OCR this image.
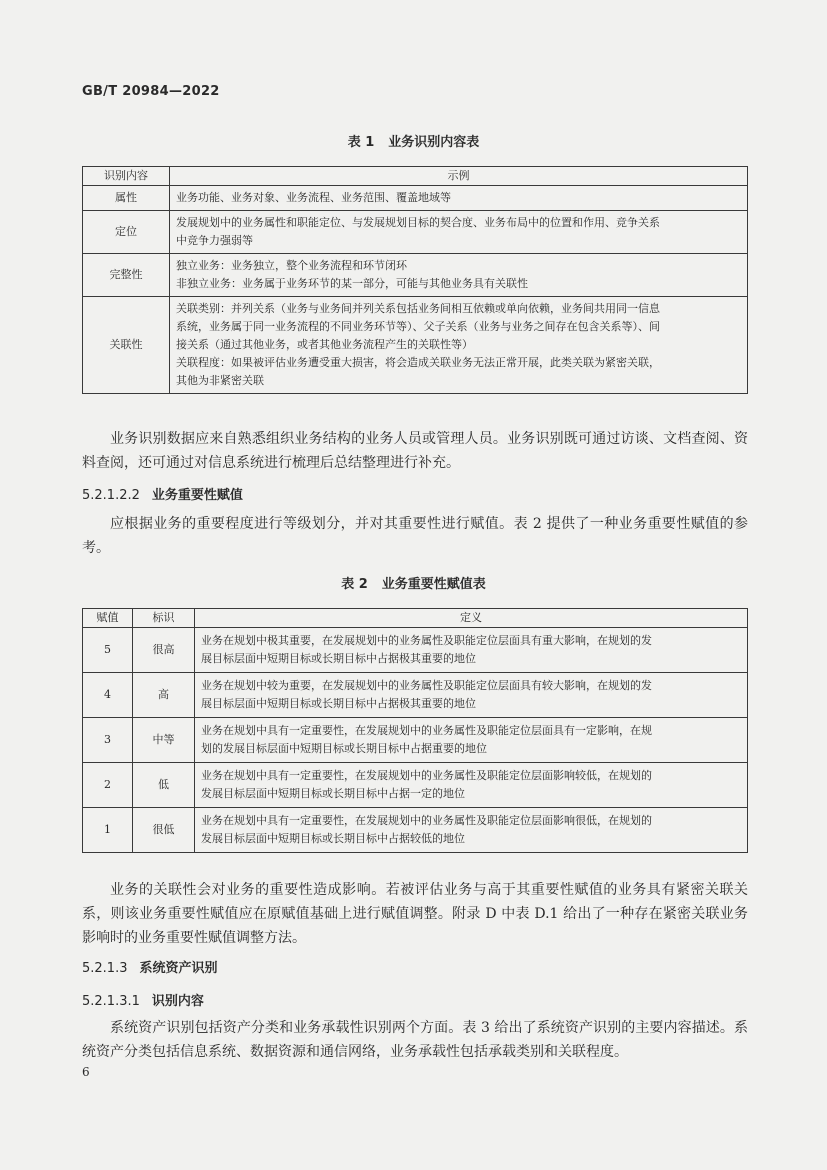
GB/T 20984—2022
表 1 业务识别内容表
识别内容	示例
属性	业务功能、业务对象、业务流程、业务范围、覆盖地域等

定位	发展规划中的业务属性和职能定位、与发展规划目标的契合度、业务布局中的位置和作用、竞争关系
中竞争力强弱等

完整性	独立业务：业务独立，整个业务流程和环节闭环
非独立业务：业务属于业务环节的某一部分，可能与其他业务具有关联性

关联性	关联类别：并列关系（业务与业务间并列关系包括业务间相互依赖或单向依赖，业务间共用同一信息
系统，业务属于同一业务流程的不同业务环节等）、父子关系（业务与业务之间存在包含关系等）、间
接关系（通过其他业务，或者其他业务流程产生的关联性等）
关联程度：如果被评估业务遭受重大损害，将会造成关联业务无法正常开展，此类关联为紧密关联，
其他为非紧密关联
业务识别数据应来自熟悉组织业务结构的业务人员或管理人员。业务识别既可通过访谈、文档查阅、资料查阅，还可通过对信息系统进行梳理后总结整理进行补充。
5.2.1.2.2 业务重要性赋值
应根据业务的重要程度进行等级划分，并对其重要性进行赋值。表 2 提供了一种业务重要性赋值的参考。
表 2 业务重要性赋值表
赋值	标识	定义
5	很高	业务在规划中极其重要，在发展规划中的业务属性及职能定位层面具有重大影响，在规划的发
展目标层面中短期目标或长期目标中占据极其重要的地位

4	高	业务在规划中较为重要，在发展规划中的业务属性及职能定位层面具有较大影响，在规划的发
展目标层面中短期目标或长期目标中占据极其重要的地位

3	中等	业务在规划中具有一定重要性，在发展规划中的业务属性及职能定位层面具有一定影响，在规
划的发展目标层面中短期目标或长期目标中占据重要的地位

2	低	业务在规划中具有一定重要性，在发展规划中的业务属性及职能定位层面影响较低，在规划的
发展目标层面中短期目标或长期目标中占据一定的地位

1	很低	业务在规划中具有一定重要性，在发展规划中的业务属性及职能定位层面影响很低，在规划的
发展目标层面中短期目标或长期目标中占据较低的地位
业务的关联性会对业务的重要性造成影响。若被评估业务与高于其重要性赋值的业务具有紧密关联关系，则该业务重要性赋值应在原赋值基础上进行赋值调整。附录 D 中表 D.1 给出了一种存在紧密关联业务影响时的业务重要性赋值调整方法。
5.2.1.3 系统资产识别
5.2.1.3.1 识别内容
系统资产识别包括资产分类和业务承载性识别两个方面。表 3 给出了系统资产识别的主要内容描述。系统资产分类包括信息系统、数据资源和通信网络，业务承载性包括承载类别和关联程度。
6
